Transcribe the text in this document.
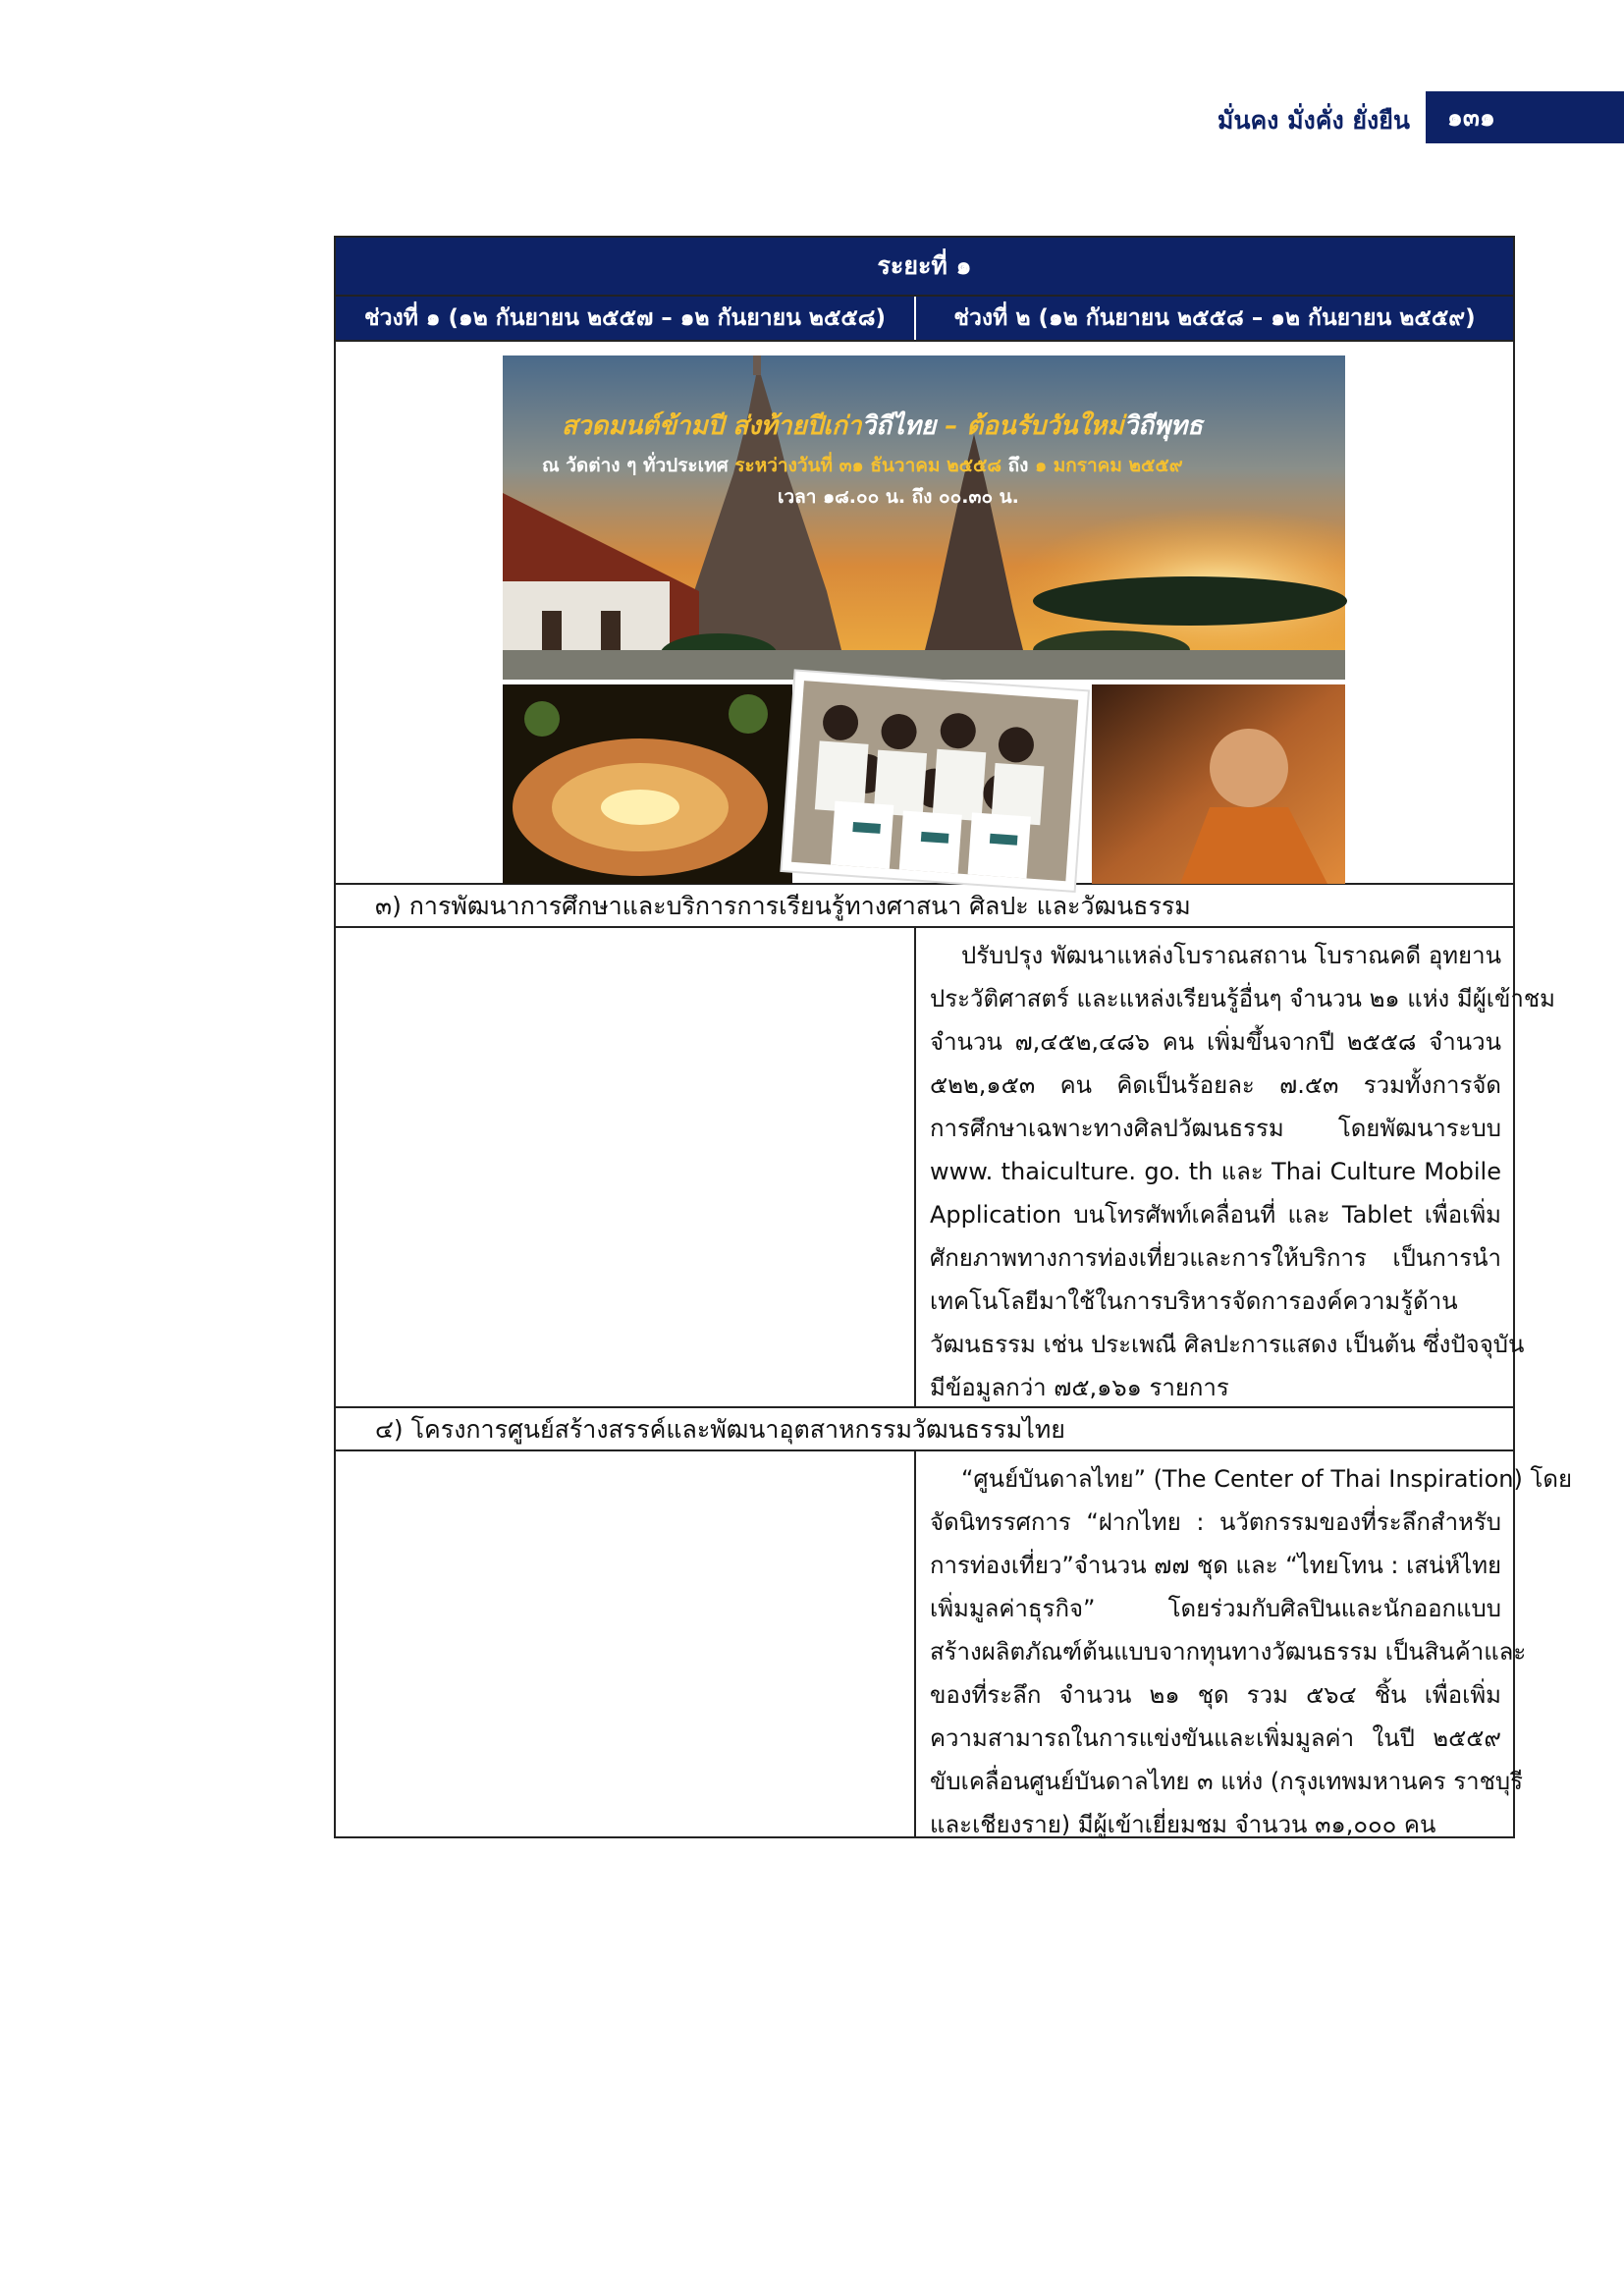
มั่นคง มั่งคั่ง ยั่งยืน	๑๓๑
ระยะที่ ๑
ช่วงที่ ๑ (๑๒ กันยายน ๒๕๕๗ – ๑๒ กันยายน ๒๕๕๘)	ช่วงที่ ๒ (๑๒ กันยายน ๒๕๕๘ – ๑๒ กันยายน ๒๕๕๙)
สวดมนต์ข้ามปี ส่งท้ายปีเก่าวิถีไทย – ต้อนรับวันใหม่วิถีพุทธ
ณ วัดต่าง ๆ ทั่วประเทศ ระหว่างวันที่ ๓๑ ธันวาคม ๒๕๕๘ ถึง ๑ มกราคม ๒๕๕๙
เวลา ๑๘.๐๐ น. ถึง ๐๐.๓๐ น.
๓) การพัฒนาการศึกษาและบริการการเรียนรู้ทางศาสนา ศิลปะ และวัฒนธรรม
ปรับปรุง พัฒนาแหล่งโบราณสถาน โบราณคดี อุทยาน
ประวัติศาสตร์ และแหล่งเรียนรู้อื่นๆ จำนวน ๒๑ แห่ง มีผู้เข้าชม
จำนวน ๗,๔๕๒,๔๘๖ คน เพิ่มขึ้นจากปี ๒๕๕๘ จำนวน
๕๒๒,๑๕๓ คน คิดเป็นร้อยละ ๗.๕๓ รวมทั้งการจัด
การศึกษาเฉพาะทางศิลปวัฒนธรรม โดยพัฒนาระบบ
www. thaiculture. go. th และ Thai Culture Mobile
Application บนโทรศัพท์เคลื่อนที่ และ Tablet เพื่อเพิ่ม
ศักยภาพทางการท่องเที่ยวและการให้บริการ เป็นการนำ
เทคโนโลยีมาใช้ในการบริหารจัดการองค์ความรู้ด้าน
วัฒนธรรม เช่น ประเพณี ศิลปะการแสดง เป็นต้น ซึ่งปัจจุบัน
มีข้อมูลกว่า ๗๕,๑๖๑ รายการ
๔) โครงการศูนย์สร้างสรรค์และพัฒนาอุตสาหกรรมวัฒนธรรมไทย
“ศูนย์บันดาลไทย” (The Center of Thai Inspiration) โดย
จัดนิทรรศการ “ฝากไทย : นวัตกรรมของที่ระลึกสำหรับ
การท่องเที่ยว”จำนวน ๗๗ ชุด และ “ไทยโทน : เสน่ห์ไทย
เพิ่มมูลค่าธุรกิจ” โดยร่วมกับศิลปินและนักออกแบบ
สร้างผลิตภัณฑ์ต้นแบบจากทุนทางวัฒนธรรม เป็นสินค้าและ
ของที่ระลึก จำนวน ๒๑ ชุด รวม ๕๖๔ ชิ้น เพื่อเพิ่ม
ความสามารถในการแข่งขันและเพิ่มมูลค่า ในปี ๒๕๕๙
ขับเคลื่อนศูนย์บันดาลไทย ๓ แห่ง (กรุงเทพมหานคร ราชบุรี
และเชียงราย) มีผู้เข้าเยี่ยมชม จำนวน ๓๑,๐๐๐ คน
